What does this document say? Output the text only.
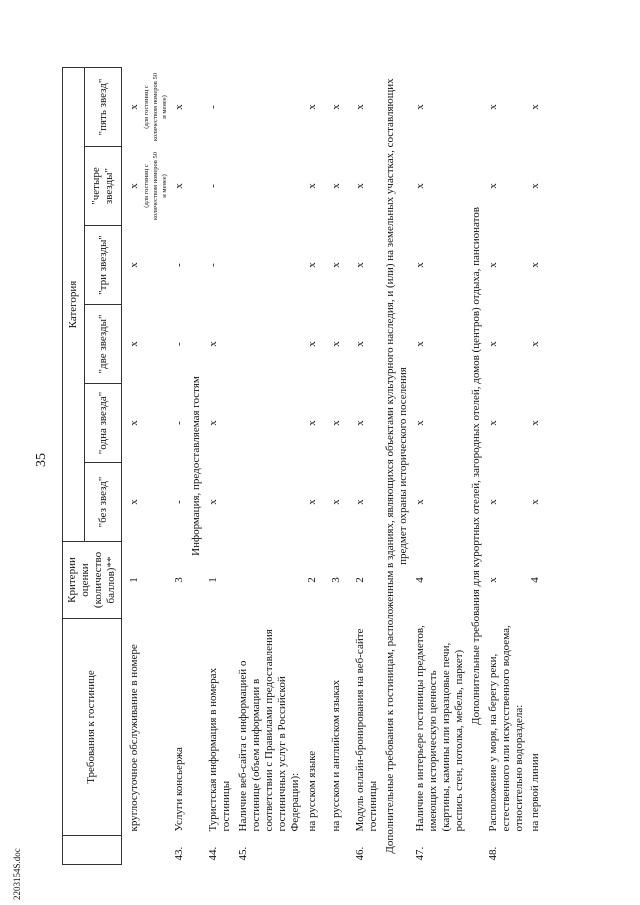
35
	Требования к гостинице	Критерии оценки (количество баллов)**	Категория					
			"без звезд"	"одна звезда"	"две звезды"	"три звезды"	"четыре звезды"	"пять звезд"
	круглосуточное обслуживание в номере	1	x	x	x	x	x (для гостиниц с количеством номеров 50 и менее)	x (для гостиниц с количеством номеров 50 и менее)

43.	Услуги консьержа	3	-	-	-	-	x	x
Информация, предоставляемая гостям								
44.	Туристская информация в номерах гостиницы	1	x	x	x	-	-	-
45.	Наличие веб-сайта с информацией о гостинице (объем информации в соответствии с Правилами предоставления гостиничных услуг в Российской Федерации):							
	на русском языке	2	x	x	x	x	x	x
	на русском и английском языках	3	x	x	x	x	x	x
46.	Модуль онлайн-бронирования на веб-сайте гостиницы	2	x	x	x	x	x	x
Дополнительные требования к гостиницам, расположенным в зданиях, являющихся объектами культурного наследия, и (или) на земельных участках, составляющих предмет охраны исторического поселения								
47.	Наличие в интерьере гостиницы предметов, имеющих историческую ценность (картины, камины или изразцовые печи, роспись стен, потолка, мебель, паркет)	4	x	x	x	x	x	x
Дополнительные требования для курортных отелей, загородных отелей, домов (центров) отдыха, пансионатов								
48.	Расположение у моря, на берегу реки, естественного или искусственного водоема, относительно водораздела:	x	x	x	x	x	x	x
	на первой линии	4	x	x	x	x	x	x
2203154S.doc
